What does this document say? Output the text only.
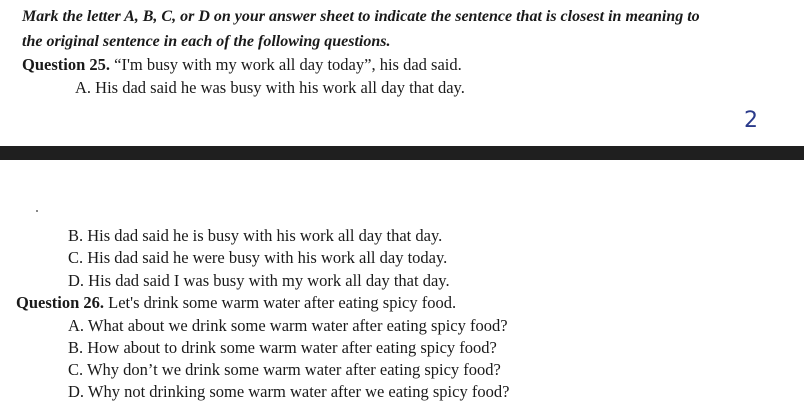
Mark the letter A, B, C, or D on your answer sheet to indicate the sentence that is closest in meaning to
the original sentence in each of the following questions.
Question 25. “I'm busy with my work all day today”, his dad said.
A. His dad said he was busy with his work all day that day.
2
B. His dad said he is busy with his work all day that day.
C. His dad said he were busy with his work all day today.
D. His dad said I was busy with my work all day that day.
Question 26. Let's drink some warm water after eating spicy food.
A. What about we drink some warm water after eating spicy food?
B. How about to drink some warm water after eating spicy food?
C. Why don’t we drink some warm water after eating spicy food?
D. Why not drinking some warm water after we eating spicy food?
